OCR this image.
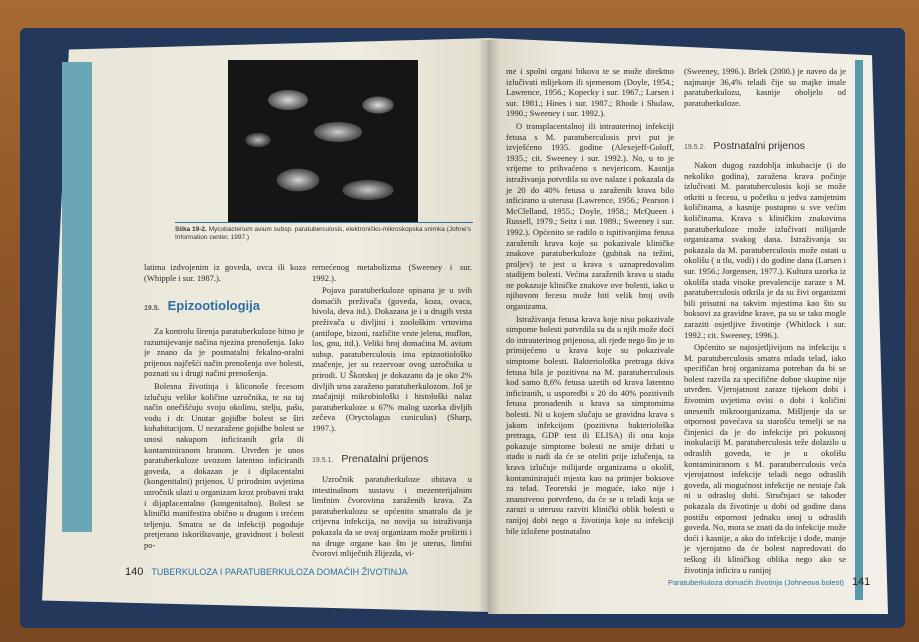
Slika 19-2. Mycobacterium avium subsp. paratuberculosis, elektroničko-mikroskopska snimka (Johne's Information center, 1997.)

latima izdvojenim iz goveda, ovca ili koza (Whipple i sur. 1987.).

19.5. Epizootiologija

Za kontrolu širenja paratuberkuloze bitno je razumijevanje načina njezina prenošenja. Iako je znano da je postnatalni fekalno-oralni prijenos najčešći način prenošenja ove bolesti, poznati su i drugi načini prenošenja.

Bolesna životinja i kliconoše fecesom izlučuju velike količine uzročnika, te na taj način onečišćuju svoju okolinu, stelju, pašu, vodu i dr. Unutar gojidbe bolest se širi kohabitacijom. U nezaražene gojidbe bolest se unosi nakupom inficiranih grla ili kontaminiranom hranom. Utvrđen je unos paratuberkuloze uvozom latentno inficiranih goveda, a dokazan je i diplacentalni (kongenitalni) prijenos. U prirodnim uvjetima uzročnik ulazi u organizam kroz probavni trakt i dijaplacentalno (kongenitalno). Bolest se klinički manifestira obično u drugom i trećem teljenju. Smatra se da infekciji pogoduje pretjerano iskorištavanje, gravidnost i bolesti po-

remećenog metabolizma (Sweeney i sur. 1992.).

Pojava paratuberkuloze opisana je u svih domaćih preživača (goveda, koza, ovaca, bivola, deva itd.). Dokazana je i u drugih vrsta preživača u divljini i zoološkim vrtovima (antilope, bizoni, različite vrste jelena, muflon, los, gnu, itd.). Veliki broj domaćina M. avium subsp. paratuberculosis ima epizootiološko značenje, jer su rezervoar ovog uzročnika u prirodi. U Škotskoj je dokazano da je oko 2% divljih srna zaraženo paratuberkulozom. Još je značajniji mikrobiološki i histološki nalaz paratuberkuloze u 67% malog uzorka divljih zečeva (Oryctolagus cuniculus) (Sharp, 1997.).

19.5.1. Prenatalni prijenos

Uzročnik paratuberkuloze obitava u intestinalnom sustavu i mezenterijalnim limfnim čvorovima zaraženih krava. Za paratuberkulozu se općenito smatralo da je crijevna infekcija, no novija su istraživanja pokazala da se ovaj organizam može proširiti i na druge organe kao što je uterus, limfni čvorovi mliječnih žlijezda, vi-

140 TUBERKULOZA I PARATUBERKULOZA DOMAĆIH ŽIVOTINJA

me i spolni organi bikova te se može direktno izlučivati mlijekom ili sjemenom (Doyle, 1954.; Lawrence, 1956.; Kopecky i sur. 1967.; Larsen i sur. 1981.; Hines i sur. 1987.; Rhode i Shulaw, 1990.; Sweeney i sur. 1992.).

O transplacentalnoj ili intrauterinoj infekciji fetusa s M. paratuberculosis prvi put je izvješćeno 1935. godine (Alexejeff-Goloff, 1935.; cit. Sweeney i sur. 1992.). No, u to je vrijeme to prihvaćeno s nevjericom. Kasnija istraživanja potvrdila su ove nalaze i pokazala da je 20 do 40% fetusa u zaraženih krava bilo inficirano u uterusu (Lawrence, 1956.; Pearson i McClelland, 1955.; Doyle, 1958.; McQueen i Russell, 1979.; Seitz i sur. 1989.; Sweeney i sur. 1992.). Općenito se radilo o ispitivanjima fetusa zaraženih krava koje su pokazivale kliničke znakove paratuberkuloze (gubitak na težini, proljev) te jest u krava s uznapredovalim stadijem bolesti. Većina zaraženih krava u stadu ne pokazuje kliničke znakove ove bolesti, iako u njihovom fecesu može biti velik broj ovih organizama.

Istraživanja fetusa krava koje nisu pokazivale simpome bolesti potvrdila su da u njih može doći do intrauterinog prijenosa, ali rjeđe nego što je to primijećeno u krava koje su pokazivale simptome bolesti. Bakteriološka pretraga tkiva fetusa bila je pozitivna na M. paratuberculosis kod samo 8,6% fetusa uzetih od krava latentno inficiranih, u usporedbi s 20 do 40% pozitivnih fetusa pronađenih u krava sa simptomima bolesti. Ni u kojem slučaju se gravidna krava s jakom infekcijom (pozitivna bakteriološka pretraga, GDP test ili ELISA) ili ona koja pokazuje simptome bolesti ne smije držati u stadu u nadi da će se oteliti prije izlučenja, ta krava izlučuje milijarde organizama u okoliš, kontaminirajući mjesta kao na primjer boksove za telad. Teoretski je moguće, iako nije i znanstveno potvrđeno, da će se u teladi koja se zarazi u uterusu razviti klinički oblik bolesti u ranijoj dobi nego u životinja koje su infekciji bile izložene postnatalno

(Sweeney, 1996.). Brlek (2000.) je naveo da je najmanje 36,4% teladi čije su majke imale paratuberkulozu, kasnije oboljelo od paratuberkuloze.

19.5.2. Postnatalni prijenos

Nakon dugog razdoblja inkubacije (i do nekoliko godina), zaražena krava počinje izlučivati M. paratuberculosis koji se može otkriti u fecesu, u početku u jedva zamjetnim količinama, a kasnije postupno u sve većim količinama. Krava s kliničkim znakovima paratuberkuloze može izlučivati milijarde organizama svakog dana. Istraživanja su pokazala da M. paratuberculosis može ostati u okolišu ( u tlu, vodi) i do godine dana (Larsen i sur. 1956.; Jorgensen, 1977.). Kultura uzorka iz okoliša stada visoke prevalencije zaraze s M. paratuberculosis otkrila je da su živi organizmi bili prisutni na takvim mjestima kao što su boksovi za gravidne krave, pa su se tako mogle zaraziti osjetljive životinje (Whitlock i sur. 1992.; cit. Sweeney, 1996.).

Općenito se najosjetljivijom na infekciju s M. paratuberculosis smatra mlada telad, iako specifičan broj organizama potreban da bi se bolest razvila za specifične dobne skupine nije utvrđen. Vjerojatnost zaraze tijekom dobi i životnim uvjetima ovisi o dobi i količini unesenih mikroorganizama. Mišljenje da se otpornost povećava sa starošću temelji se na činjenici da je do infekcije pri pokusnoj inokulaciji M. paratuberculosis teže dolazilo u odraslih goveda, te je u okolišu kontaminiranom s M. paratuberculosis veća vjerojatnost infekcije teladi nego odraslih goveda, ali mogućnost infekcije ne nestaje čak ni u odrasloj dobi. Stručnjaci se također pokazala da životinje u dobi od godine dana postižu otpornost jednaku onoj u odraslih goveda. No, mora se znati da do infekcije može doći i kasnije, a ako do infekcije i dođe, manje je vjerojatno da će bolest napredovati do teškog ili kliničkog oblika nego ako se životinja inficira u ranijoj

Paratuberkuloza domaćih životinja (Johneova bolest) 141
